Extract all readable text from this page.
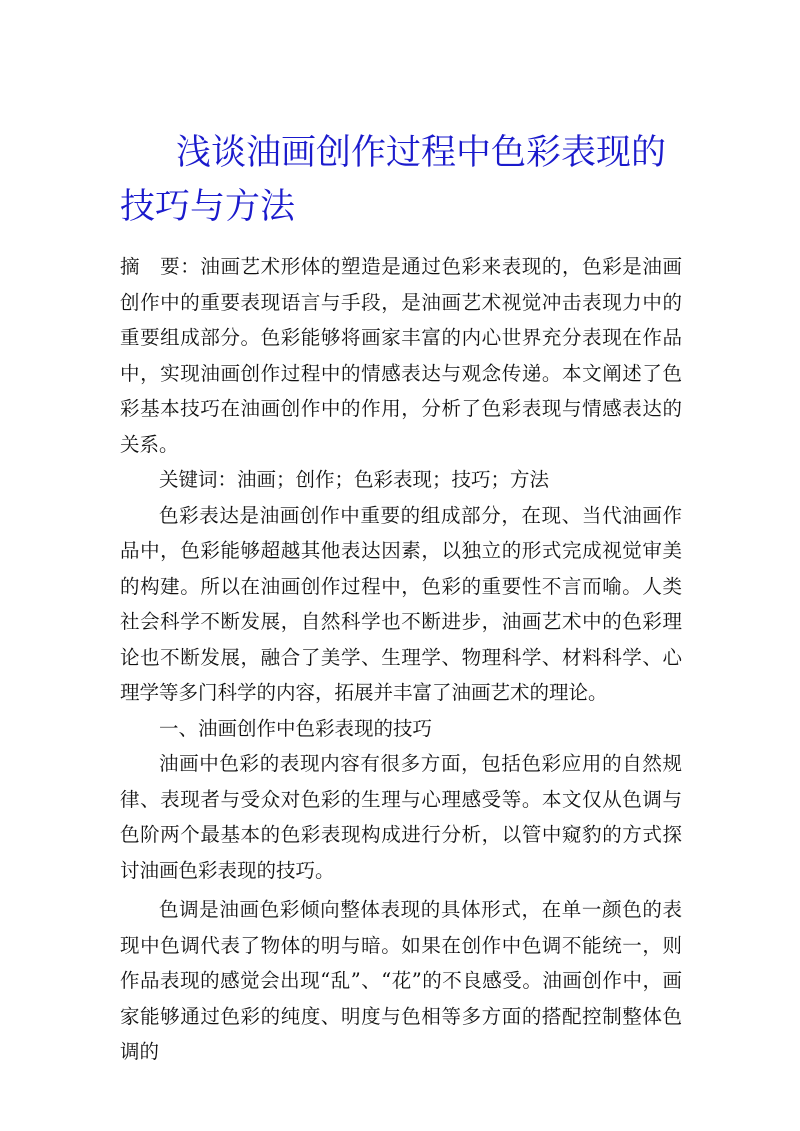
浅谈油画创作过程中色彩表现的技巧与方法

摘　要：油画艺术形体的塑造是通过色彩来表现的，色彩是油画创作中的重要表现语言与手段，是油画艺术视觉冲击表现力中的重要组成部分。色彩能够将画家丰富的内心世界充分表现在作品中，实现油画创作过程中的情感表达与观念传递。本文阐述了色彩基本技巧在油画创作中的作用，分析了色彩表现与情感表达的关系。

关键词：油画；创作；色彩表现；技巧；方法

色彩表达是油画创作中重要的组成部分，在现、当代油画作品中，色彩能够超越其他表达因素，以独立的形式完成视觉审美的构建。所以在油画创作过程中，色彩的重要性不言而喻。人类社会科学不断发展，自然科学也不断进步，油画艺术中的色彩理论也不断发展，融合了美学、生理学、物理科学、材料科学、心理学等多门科学的内容，拓展并丰富了油画艺术的理论。

一、油画创作中色彩表现的技巧

油画中色彩的表现内容有很多方面，包括色彩应用的自然规律、表现者与受众对色彩的生理与心理感受等。本文仅从色调与色阶两个最基本的色彩表现构成进行分析，以管中窥豹的方式探讨油画色彩表现的技巧。

色调是油画色彩倾向整体表现的具体形式，在单一颜色的表现中色调代表了物体的明与暗。如果在创作中色调不能统一，则作品表现的感觉会出现“乱”、“花”的不良感受。油画创作中，画家能够通过色彩的纯度、明度与色相等多方面的搭配控制整体色调的
